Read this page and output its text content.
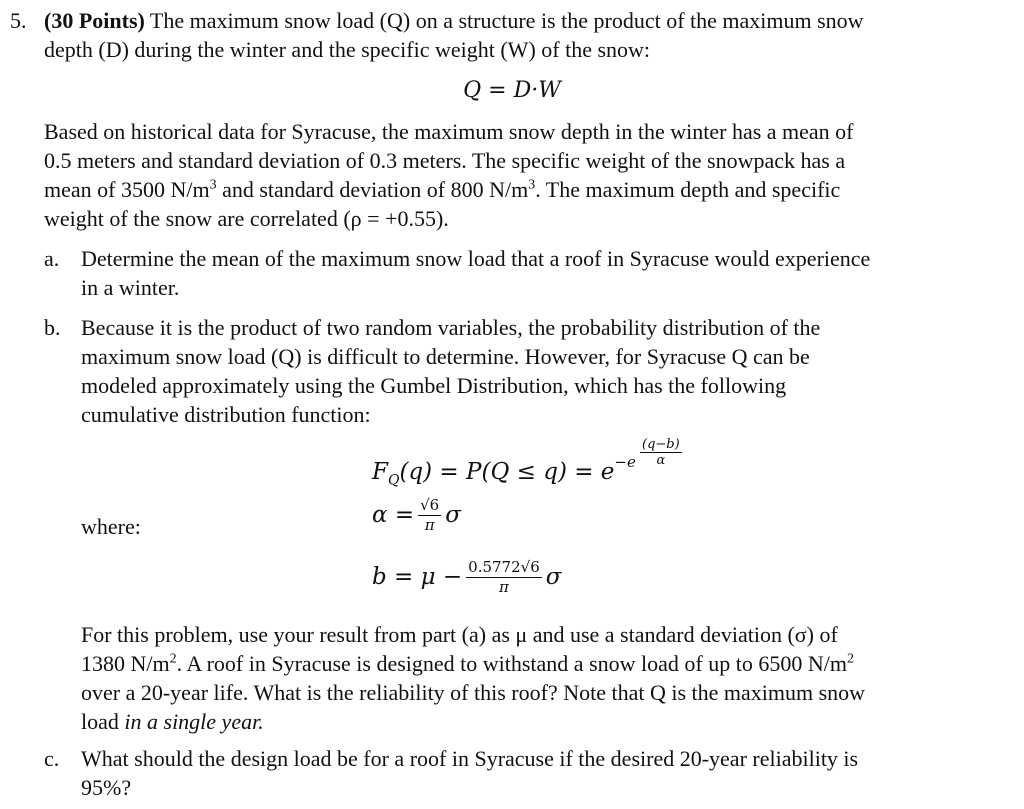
5. (30 Points) The maximum snow load (Q) on a structure is the product of the maximum snow
depth (D) during the winter and the specific weight (W) of the snow:
Q = D·W
Based on historical data for Syracuse, the maximum snow depth in the winter has a mean of
0.5 meters and standard deviation of 0.3 meters. The specific weight of the snowpack has a
mean of 3500 $N/m^3$ and standard deviation of 800 $N/m^3$. The maximum depth and specific
weight of the snow are correlated (ρ = +0.55).
a. Determine the mean of the maximum snow load that a roof in Syracuse would experience
in a winter.
b. Because it is the product of two random variables, the probability distribution of the
maximum snow load (Q) is difficult to determine. However, for Syracuse Q can be
modeled approximately using the Gumbel Distribution, which has the following
cumulative distribution function:
$F_Q(q) = P(Q \le q) = e^{-e} \frac{(q-b)}{\alpha}$
where:	$\alpha = \frac{√6}{\pi}$ σ
$b = \mu - \frac{0.5772√6}{\pi}$ σ
For this problem, use your result from part (a) as μ and use a standard deviation (σ) of
1380 $N/m^2$. A roof in Syracuse is designed to withstand a snow load of up to 6500 $N/m^2$
over a 20-year life. What is the reliability of this roof? Note that Q is the maximum snow
load in a single year.
c. What should the design load be for a roof in Syracuse if the desired 20-year reliability is
95%?
